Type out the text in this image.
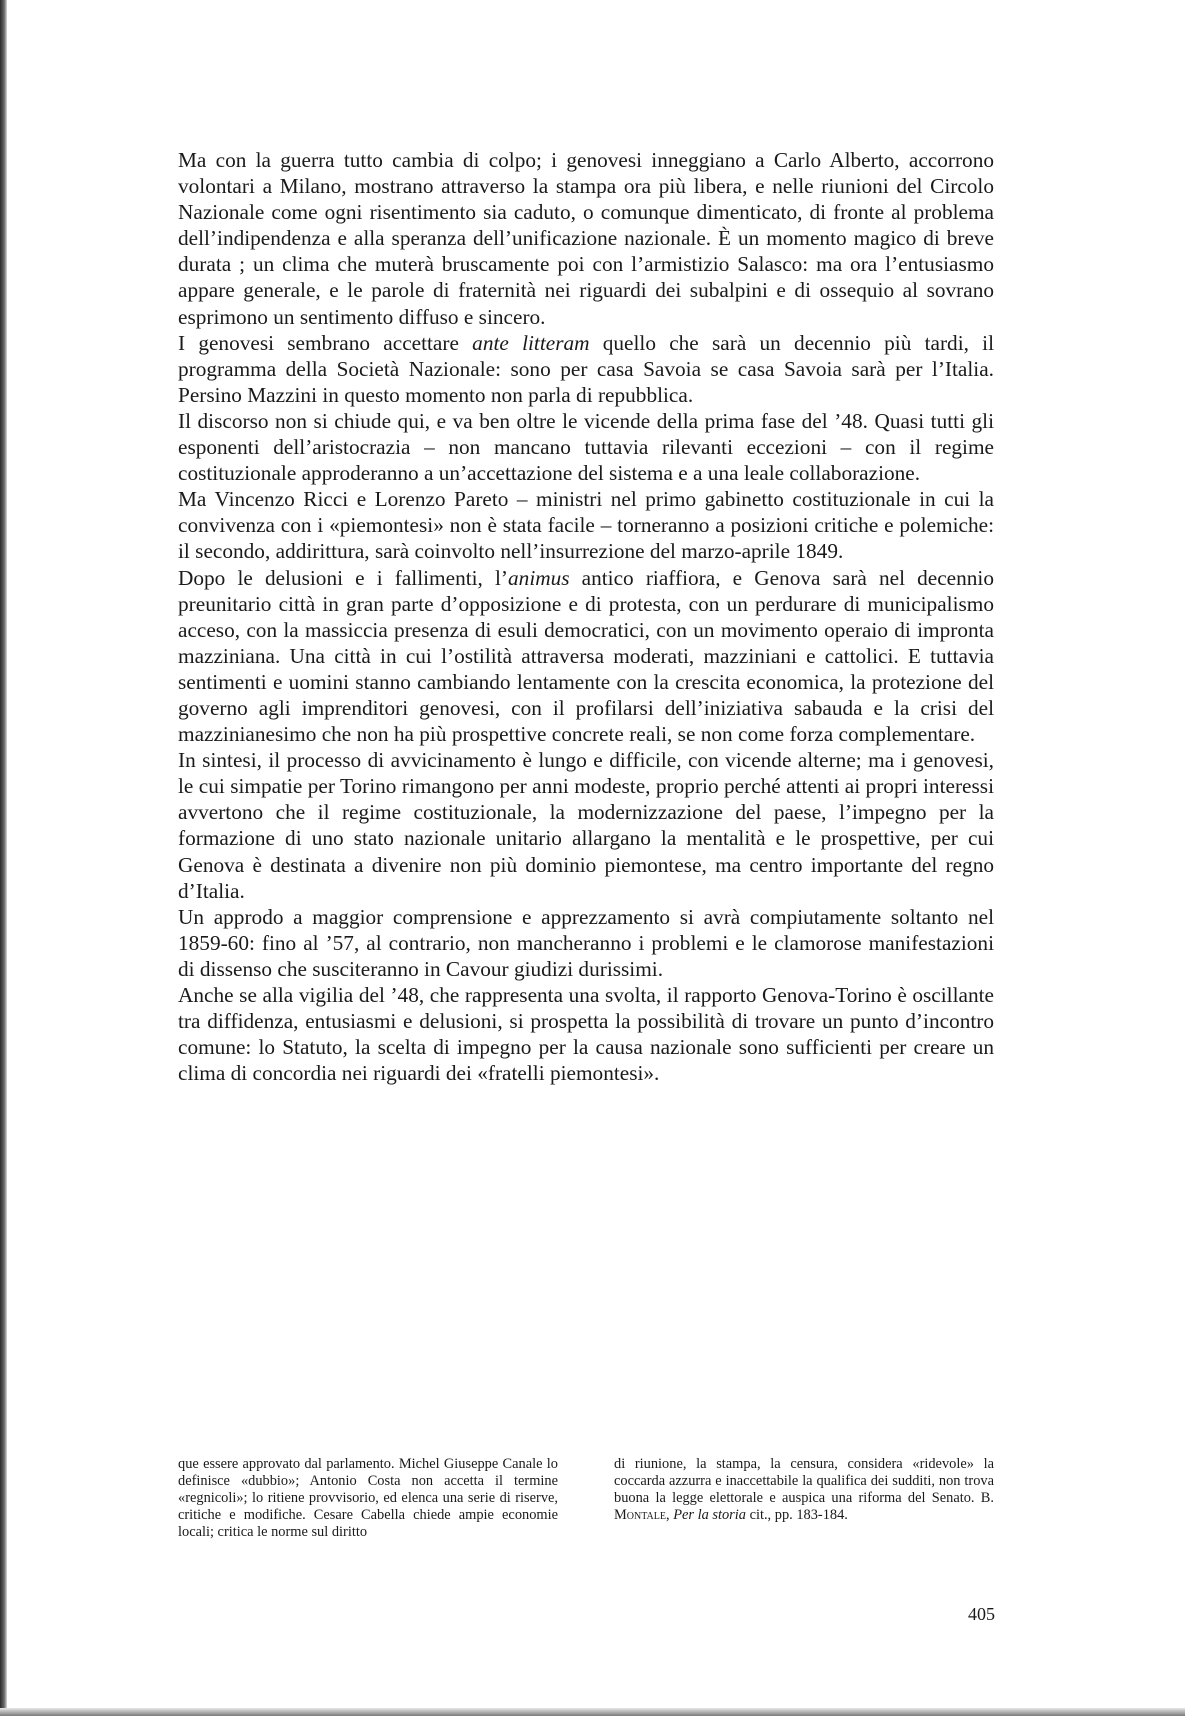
Ma con la guerra tutto cambia di colpo; i genovesi inneggiano a Carlo Alberto, accorrono volontari a Milano, mostrano attraverso la stampa ora più libera, e nelle riunioni del Circolo Nazionale come ogni risentimento sia caduto, o comunque dimenticato, di fronte al problema dell’indipendenza e alla speranza dell’unificazione nazionale. È un momento magico di breve durata ; un clima che muterà bruscamente poi con l’armistizio Salasco: ma ora l’entusiasmo appare generale, e le parole di fraternità nei riguardi dei subalpini e di ossequio al sovrano esprimono un sentimento diffuso e sincero.

I genovesi sembrano accettare ante litteram quello che sarà un decennio più tardi, il programma della Società Nazionale: sono per casa Savoia se casa Savoia sarà per l’Italia. Persino Mazzini in questo momento non parla di repubblica.

Il discorso non si chiude qui, e va ben oltre le vicende della prima fase del ’48. Quasi tutti gli esponenti dell’aristocrazia – non mancano tuttavia rilevanti eccezioni – con il regime costituzionale approderanno a un’accettazione del sistema e a una leale collaborazione.

Ma Vincenzo Ricci e Lorenzo Pareto – ministri nel primo gabinetto costituzionale in cui la convivenza con i «piemontesi» non è stata facile – torneranno a posizioni critiche e polemiche: il secondo, addirittura, sarà coinvolto nell’insurrezione del marzo-aprile 1849.

Dopo le delusioni e i fallimenti, l’animus antico riaffiora, e Genova sarà nel decennio preunitario città in gran parte d’opposizione e di protesta, con un perdurare di municipalismo acceso, con la massiccia presenza di esuli democratici, con un movimento operaio di impronta mazziniana. Una città in cui l’ostilità attraversa moderati, mazziniani e cattolici. E tuttavia sentimenti e uomini stanno cambiando lentamente con la crescita economica, la protezione del governo agli imprenditori genovesi, con il profilarsi dell’iniziativa sabauda e la crisi del mazzinianesimo che non ha più prospettive concrete reali, se non come forza complementare.

In sintesi, il processo di avvicinamento è lungo e difficile, con vicende alterne; ma i genovesi, le cui simpatie per Torino rimangono per anni modeste, proprio perché attenti ai propri interessi avvertono che il regime costituzionale, la modernizzazione del paese, l’impegno per la formazione di uno stato nazionale unitario allargano la mentalità e le prospettive, per cui Genova è destinata a divenire non più dominio piemontese, ma centro importante del regno d’Italia.

Un approdo a maggior comprensione e apprezzamento si avrà compiutamente soltanto nel 1859-60: fino al ’57, al contrario, non mancheranno i problemi e le clamorose manifestazioni di dissenso che susciteranno in Cavour giudizi durissimi.

Anche se alla vigilia del ’48, che rappresenta una svolta, il rapporto Genova-Torino è oscillante tra diffidenza, entusiasmi e delusioni, si prospetta la possibilità di trovare un punto d’incontro comune: lo Statuto, la scelta di impegno per la causa nazionale sono sufficienti per creare un clima di concordia nei riguardi dei «fratelli piemontesi».

que essere approvato dal parlamento. Michel Giuseppe Canale lo definisce «dubbio»; Antonio Costa non accetta il termine «regnicoli»; lo ritiene provvisorio, ed elenca una serie di riserve, critiche e modifiche. Cesare Cabella chiede ampie economie locali; critica le norme sul diritto
di riunione, la stampa, la censura, considera «ridevole» la coccarda azzurra e inaccettabile la qualifica dei sudditi, non trova buona la legge elettorale e auspica una riforma del Senato. B. Montale, Per la storia cit., pp. 183-184.
405
